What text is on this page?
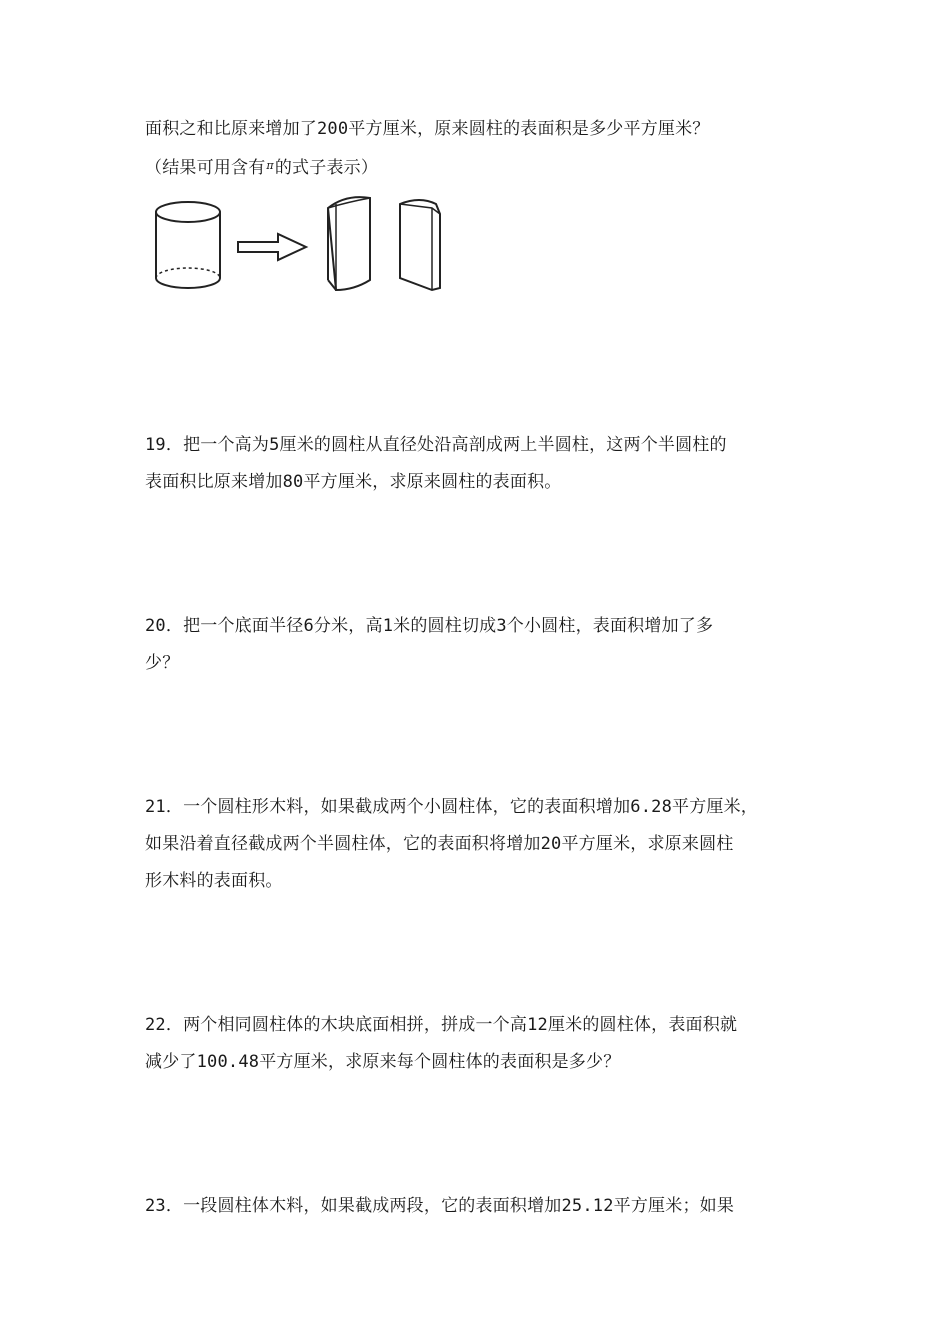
面积之和比原来增加了200平方厘米，原来圆柱的表面积是多少平方厘米？
（结果可用含有$^\pi$的式子表示）
19．把一个高为5厘米的圆柱从直径处沿高剖成两上半圆柱，这两个半圆柱的
表面积比原来增加80平方厘米，求原来圆柱的表面积。
20．把一个底面半径6分米，高1米的圆柱切成3个小圆柱，表面积增加了多
少？
21．一个圆柱形木料，如果截成两个小圆柱体，它的表面积增加6.28平方厘米，
如果沿着直径截成两个半圆柱体，它的表面积将增加20平方厘米，求原来圆柱
形木料的表面积。
22．两个相同圆柱体的木块底面相拼，拼成一个高12厘米的圆柱体，表面积就
减少了100.48平方厘米，求原来每个圆柱体的表面积是多少？
23．一段圆柱体木料，如果截成两段，它的表面积增加25.12平方厘米；如果
